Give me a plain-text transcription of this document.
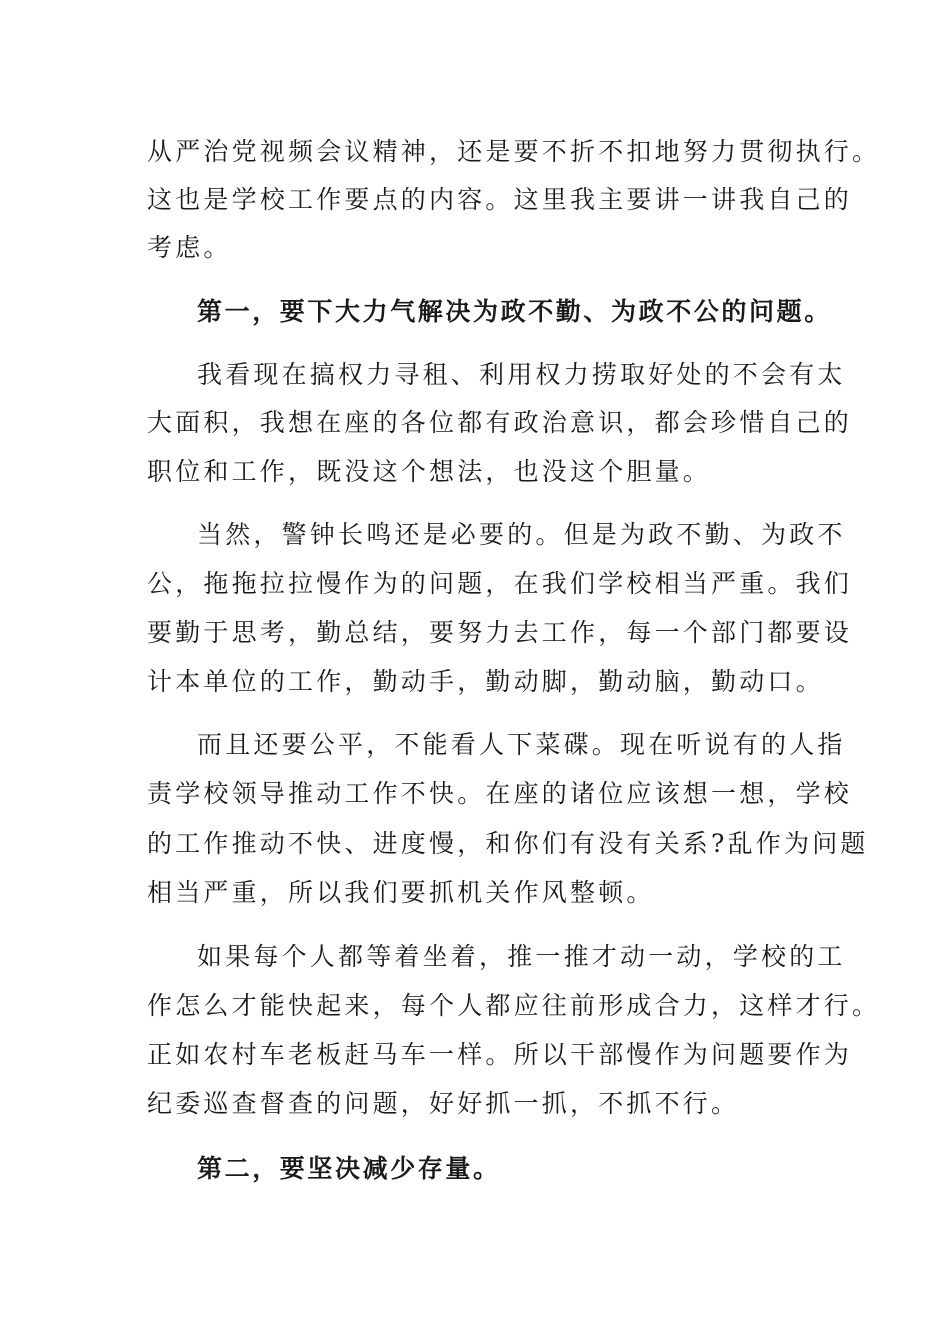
从严治党视频会议精神，还是要不折不扣地努力贯彻执行。
这也是学校工作要点的内容。这里我主要讲一讲我自己的
考虑。
第一，要下大力气解决为政不勤、为政不公的问题。
我看现在搞权力寻租、利用权力捞取好处的不会有太
大面积，我想在座的各位都有政治意识，都会珍惜自己的
职位和工作，既没这个想法，也没这个胆量。
当然，警钟长鸣还是必要的。但是为政不勤、为政不
公，拖拖拉拉慢作为的问题，在我们学校相当严重。我们
要勤于思考，勤总结，要努力去工作，每一个部门都要设
计本单位的工作，勤动手，勤动脚，勤动脑，勤动口。
而且还要公平，不能看人下菜碟。现在听说有的人指
责学校领导推动工作不快。在座的诸位应该想一想，学校
的工作推动不快、进度慢，和你们有没有关系?乱作为问题
相当严重，所以我们要抓机关作风整顿。
如果每个人都等着坐着，推一推才动一动，学校的工
作怎么才能快起来，每个人都应往前形成合力，这样才行。
正如农村车老板赶马车一样。所以干部慢作为问题要作为
纪委巡查督查的问题，好好抓一抓，不抓不行。
第二，要坚决减少存量。
